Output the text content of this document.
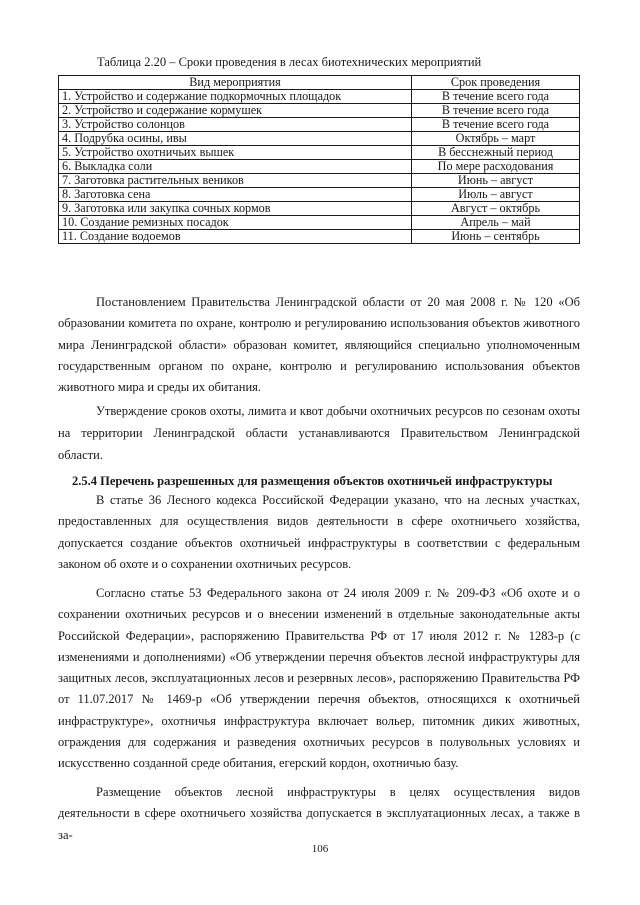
Таблица 2.20 – Сроки проведения в лесах биотехнических мероприятий
Вид мероприятия	Срок проведения
1. Устройство и содержание подкормочных площадок	В течение всего года
2. Устройство и содержание кормушек	В течение всего года
3. Устройство солонцов	В течение всего года
4. Подрубка осины, ивы	Октябрь – март
5. Устройство охотничьих вышек	В бесснежный период
6. Выкладка соли	По мере расходования
7. Заготовка растительных веников	Июнь – август
8. Заготовка сена	Июль – август
9. Заготовка или закупка сочных кормов	Август – октябрь
10. Создание ремизных посадок	Апрель – май
11. Создание водоемов	Июнь – сентябрь

Постановлением Правительства Ленинградской области от 20 мая 2008 г. № 120 «Об образовании комитета по охране, контролю и регулированию использования объектов животного мира Ленинградской области» образован комитет, являющийся специально уполномоченным государственным органом по охране, контролю и регулированию использования объектов животного мира и среды их обитания.

Утверждение сроков охоты, лимита и квот добычи охотничьих ресурсов по сезонам охоты на территории Ленинградской области устанавливаются Правительством Ленинградской области.

2.5.4 Перечень разрешенных для размещения объектов охотничьей инфраструктуры

В статье 36 Лесного кодекса Российской Федерации указано, что на лесных участках, предоставленных для осуществления видов деятельности в сфере охотничьего хозяйства, допускается создание объектов охотничьей инфраструктуры в соответствии с федеральным законом об охоте и о сохранении охотничьих ресурсов.

Согласно статье 53 Федерального закона от 24 июля 2009 г. № 209-ФЗ «Об охоте и о сохранении охотничьих ресурсов и о внесении изменений в отдельные законодательные акты Российской Федерации», распоряжению Правительства РФ от 17 июля 2012 г. № 1283-р (с изменениями и дополнениями) «Об утверждении перечня объектов лесной инфраструктуры для защитных лесов, эксплуатационных лесов и резервных лесов», распоряжению Правительства РФ от 11.07.2017 № 1469-р «Об утверждении перечня объектов, относящихся к охотничьей инфраструктуре», охотничья инфраструктура включает вольер, питомник диких животных, ограждения для содержания и разведения охотничьих ресурсов в полувольных условиях и искусственно созданной среде обитания, егерский кордон, охотничью базу.

Размещение объектов лесной инфраструктуры в целях осуществления видов деятельности в сфере охотничьего хозяйства допускается в эксплуатационных лесах, а также в за-

106
